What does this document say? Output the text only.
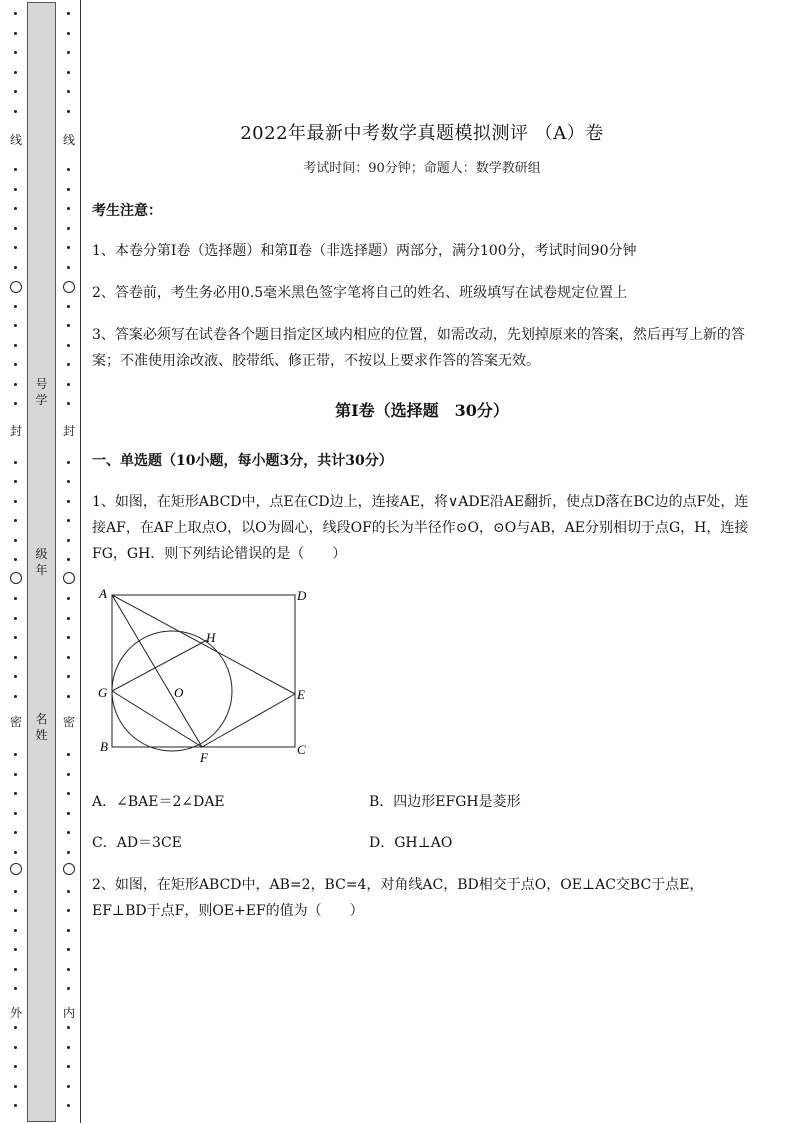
线
封
密
外
号
学
级
年
名
姓
线
封
密
内
2022年最新中考数学真题模拟测评 （A）卷
考试时间：90分钟；命题人：数学教研组
考生注意：
1、本卷分第Ⅰ卷（选择题）和第Ⅱ卷（非选择题）两部分，满分100分，考试时间90分钟
2、答卷前，考生务必用0.5毫米黑色签字笔将自己的姓名、班级填写在试卷规定位置上
3、答案必须写在试卷各个题目指定区域内相应的位置，如需改动，先划掉原来的答案，然后再写上新的答案；不准使用涂改液、胶带纸、修正带，不按以上要求作答的答案无效。
第Ⅰ卷（选择题　30分）
一、单选题（10小题，每小题3分，共计30分）
1、如图，在矩形ABCD中，点E在CD边上，连接AE，将∨ADE沿AE翻折，使点D落在BC边的点F处，连接AF，在AF上取点O，以O为圆心，线段OF的长为半径作⊙O，⊙O与AB，AE分别相切于点G，H，连接FG，GH．则下列结论错误的是（　　）
A．∠BAE＝2∠DAE	B．四边形EFGH是菱形
C．AD＝3CE	D．GH⊥AO
2、如图，在矩形ABCD中，AB=2，BC=4，对角线AC，BD相交于点O，OE⊥AC交BC于点E，EF⊥BD于点F，则OE+EF的值为（　　）
A	D
H
G	O	E
B
F
C
